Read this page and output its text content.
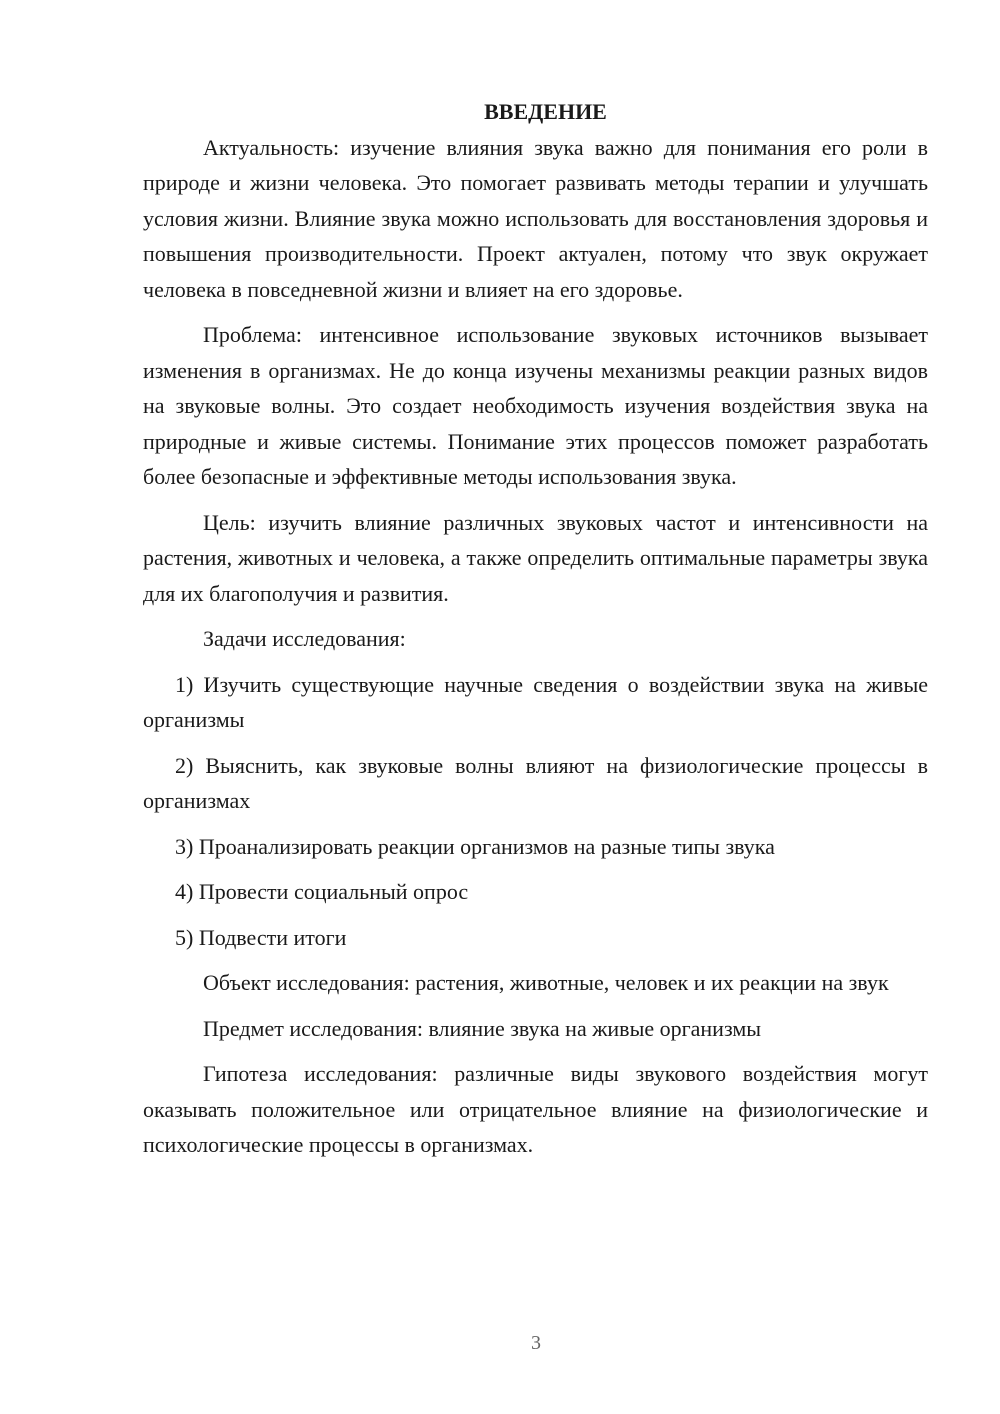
ВВЕДЕНИЕ

Актуальность: изучение влияния звука важно для понимания его роли в природе и жизни человека. Это помогает развивать методы терапии и улучшать условия жизни. Влияние звука можно использовать для восстановления здоровья и повышения производительности. Проект актуален, потому что звук окружает человека в повседневной жизни и влияет на его здоровье.

Проблема: интенсивное использование звуковых источников вызывает изменения в организмах. Не до конца изучены механизмы реакции разных видов на звуковые волны. Это создает необходимость изучения воздействия звука на природные и живые системы. Понимание этих процессов поможет разработать более безопасные и эффективные методы использования звука.

Цель: изучить влияние различных звуковых частот и интенсивности на растения, животных и человека, а также определить оптимальные параметры звука для их благополучия и развития.

Задачи исследования:

1) Изучить существующие научные сведения о воздействии звука на живые организмы

2) Выяснить, как звуковые волны влияют на физиологические процессы в организмах

3) Проанализировать реакции организмов на разные типы звука

4) Провести социальный опрос

5) Подвести итоги

Объект исследования: растения, животные, человек и их реакции на звук

Предмет исследования: влияние звука на живые организмы

Гипотеза исследования: различные виды звукового воздействия могут оказывать положительное или отрицательное влияние на физиологические и психологические процессы в организмах.

3
